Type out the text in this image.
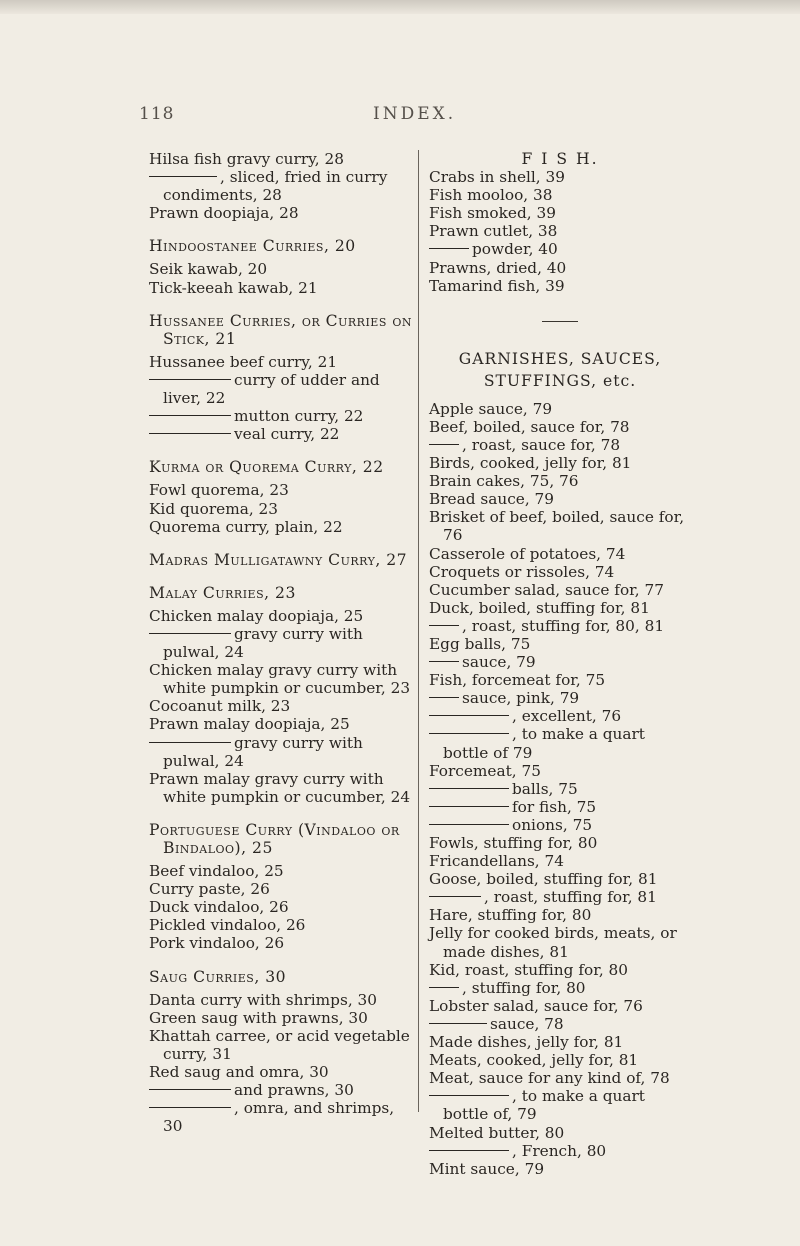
118	INDEX.
Hilsa fish gravy curry, 28
, sliced, fried in curry condiments, 28
Prawn doopiaja, 28
Hindoostanee Curries, 20
Seik kawab, 20
Tick-keeah kawab, 21
Hussanee Curries, or Curries on Stick, 21
Hussanee beef curry, 21
curry of udder and liver, 22
mutton curry, 22
veal curry, 22
Kurma or Quorema Curry, 22
Fowl quorema, 23
Kid quorema, 23
Quorema curry, plain, 22
Madras Mulligatawny Curry, 27
Malay Curries, 23
Chicken malay doopiaja, 25
gravy curry with pulwal, 24
Chicken malay gravy curry with white pumpkin or cucumber, 23
Cocoanut milk, 23
Prawn malay doopiaja, 25
gravy curry with pulwal, 24
Prawn malay gravy curry with white pumpkin or cucumber, 24
Portuguese Curry (Vindaloo or Bindaloo), 25
Beef vindaloo, 25
Curry paste, 26
Duck vindaloo, 26
Pickled vindaloo, 26
Pork vindaloo, 26
Saug Curries, 30
Danta curry with shrimps, 30
Green saug with prawns, 30
Khattah carree, or acid vegetable curry, 31
Red saug and omra, 30
and prawns, 30
, omra, and shrimps, 30
F I S H.
Crabs in shell, 39
Fish mooloo, 38
Fish smoked, 39
Prawn cutlet, 38
powder, 40
Prawns, dried, 40
Tamarind fish, 39
GARNISHES, SAUCES, STUFFINGS, etc.
Apple sauce, 79
Beef, boiled, sauce for, 78
, roast, sauce for, 78
Birds, cooked, jelly for, 81
Brain cakes, 75, 76
Bread sauce, 79
Brisket of beef, boiled, sauce for, 76
Casserole of potatoes, 74
Croquets or rissoles, 74
Cucumber salad, sauce for, 77
Duck, boiled, stuffing for, 81
, roast, stuffing for, 80, 81
Egg balls, 75
sauce, 79
Fish, forcemeat for, 75
sauce, pink, 79
, excellent, 76
, to make a quart bottle of 79
Forcemeat, 75
balls, 75
for fish, 75
onions, 75
Fowls, stuffing for, 80
Fricandellans, 74
Goose, boiled, stuffing for, 81
, roast, stuffing for, 81
Hare, stuffing for, 80
Jelly for cooked birds, meats, or made dishes, 81
Kid, roast, stuffing for, 80
, stuffing for, 80
Lobster salad, sauce for, 76
sauce, 78
Made dishes, jelly for, 81
Meats, cooked, jelly for, 81
Meat, sauce for any kind of, 78
, to make a quart bottle of, 79
Melted butter, 80
, French, 80
Mint sauce, 79
